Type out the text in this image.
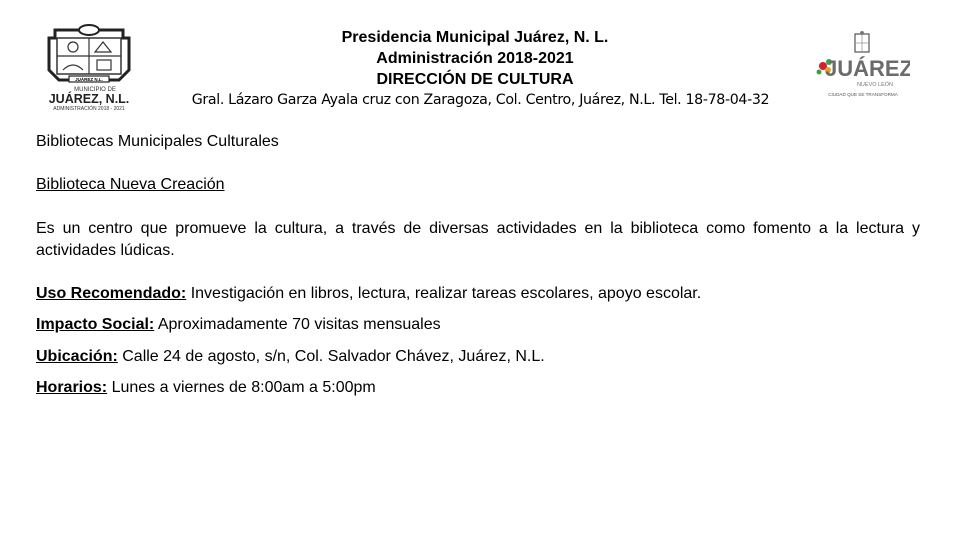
JUÁREZ N.L.
MUNICIPIO DE
JUÁREZ, N.L.
ADMINISTRACIÓN 2018 - 2021
Presidencia Municipal Juárez, N. L.
Administración 2018-2021
DIRECCIÓN DE CULTURA
Gral. Lázaro Garza Ayala cruz con Zaragoza, Col. Centro, Juárez, N.L. Tel. 18-78-04-32
JUÁREZ
NUEVO LEÓN
CIUDAD QUE SE TRANSFORMA
Bibliotecas Municipales Culturales
Biblioteca Nueva Creación
Es un centro que promueve la cultura, a través de diversas actividades en la biblioteca como fomento a la lectura y actividades lúdicas.
Uso Recomendado: Investigación en libros, lectura, realizar tareas escolares, apoyo escolar.
Impacto Social: Aproximadamente 70 visitas mensuales
Ubicación: Calle 24 de agosto, s/n, Col. Salvador Chávez, Juárez, N.L.
Horarios: Lunes a viernes de 8:00am a 5:00pm
